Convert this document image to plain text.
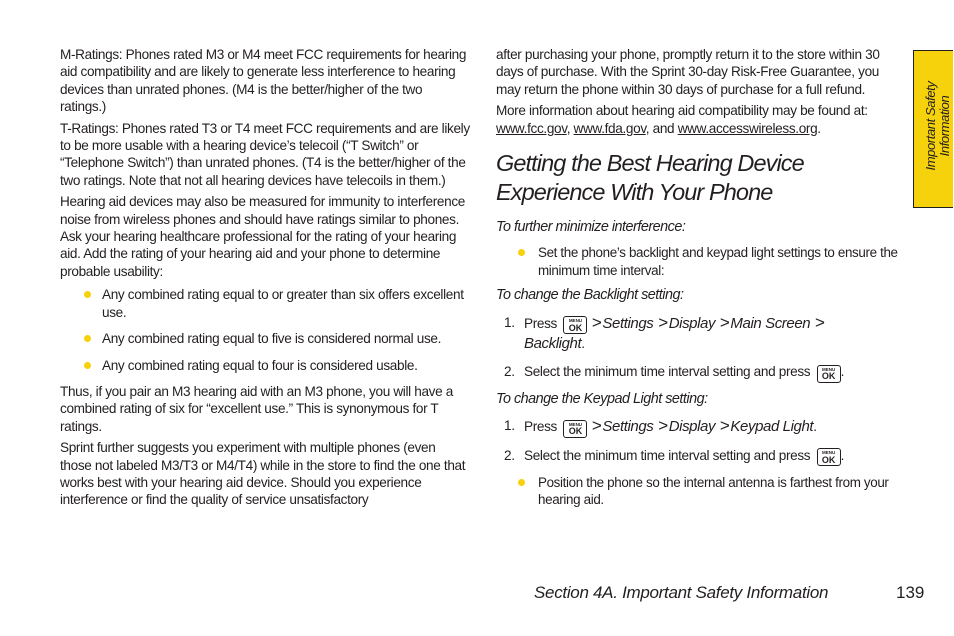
M-Ratings: Phones rated M3 or M4 meet FCC requirements for hearing aid compatibility and are likely to generate less interference to hearing devices than unrated phones. (M4 is the better/higher of the two ratings.)

T-Ratings: Phones rated T3 or T4 meet FCC requirements and are likely to be more usable with a hearing device’s telecoil (“T Switch” or “Telephone Switch”) than unrated phones. (T4 is the better/higher of the two ratings. Note that not all hearing devices have telecoils in them.)

Hearing aid devices may also be measured for immunity to interference noise from wireless phones and should have ratings similar to phones. Ask your hearing healthcare professional for the rating of your hearing aid. Add the rating of your hearing aid and your phone to determine probable usability:

Any combined rating equal to or greater than six offers excellent use.
Any combined rating equal to five is considered normal use.
Any combined rating equal to four is considered usable.

Thus, if you pair an M3 hearing aid with an M3 phone, you will have a combined rating of six for “excellent use.” This is synonymous for T ratings.

Sprint further suggests you experiment with multiple phones (even those not labeled M3/T3 or M4/T4) while in the store to find the one that works best with your hearing aid device. Should you experience interference or find the quality of service unsatisfactory

after purchasing your phone, promptly return it to the store within 30 days of purchase. With the Sprint 30-day Risk-Free Guarantee, you may return the phone within 30 days of purchase for a full refund.

More information about hearing aid compatibility may be found at: www.fcc.gov, www.fda.gov, and www.accesswireless.org.

Getting the Best Hearing Device Experience With Your Phone
To further minimize interference:
Set the phone’s backlight and keypad light settings to ensure the minimum time interval:
To change the Backlight setting:
1. Press	MENU
OK >Settings >Display >Main Screen >
Backlight.
2. Select the minimum time interval setting and press	MENU
OK .
To change the Keypad Light setting:
1. Press	MENU
OK >Settings >Display >Keypad Light.
2. Select the minimum time interval setting and press	MENU
OK .
Position the phone so the internal antenna is farthest from your hearing aid.
Important Safety Information
Section 4A. Important Safety Information	139
